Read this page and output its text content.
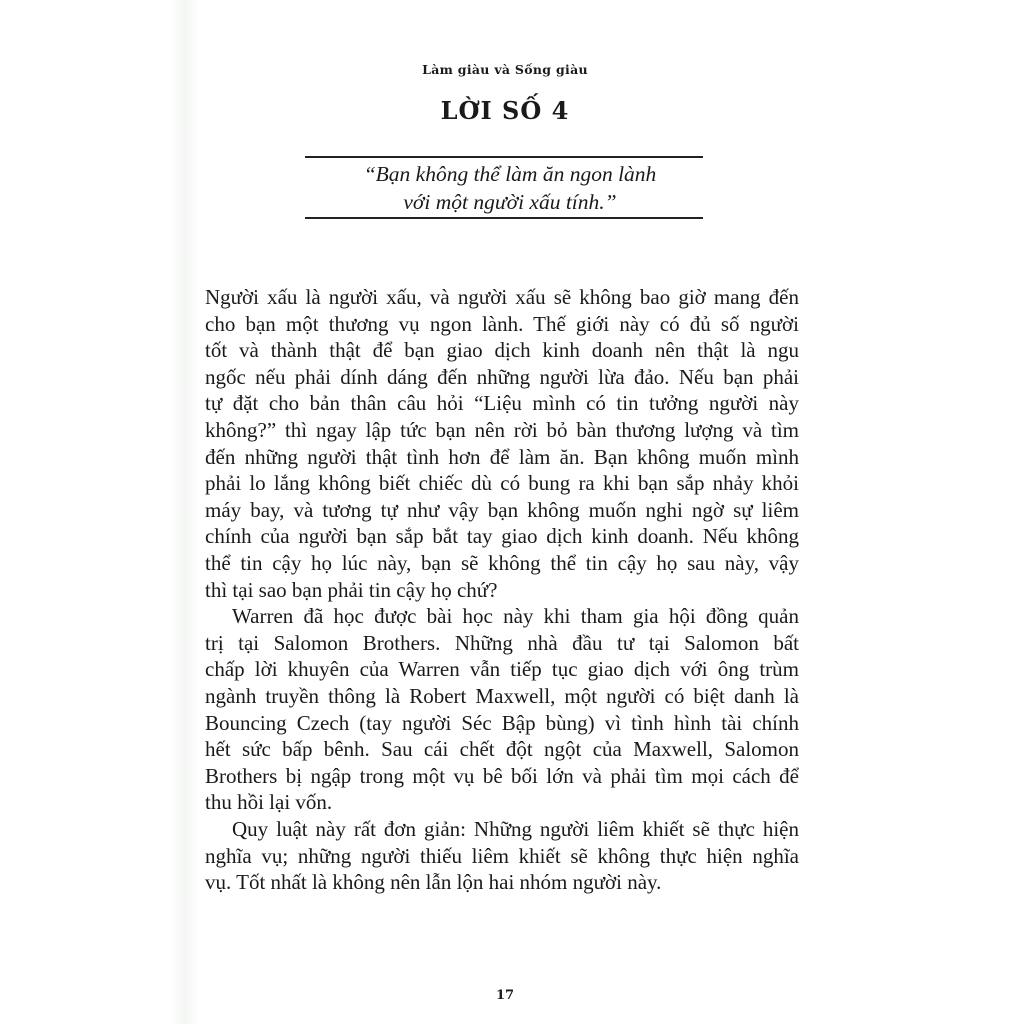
Làm giàu và Sống giàu
LỜI SỐ 4
“Bạn không thể làm ăn ngon lành
với một người xấu tính.”
Người xấu là người xấu, và người xấu sẽ không bao giờ mang đến
cho bạn một thương vụ ngon lành. Thế giới này có đủ số người
tốt và thành thật để bạn giao dịch kinh doanh nên thật là ngu
ngốc nếu phải dính dáng đến những người lừa đảo. Nếu bạn phải
tự đặt cho bản thân câu hỏi “Liệu mình có tin tưởng người này
không?” thì ngay lập tức bạn nên rời bỏ bàn thương lượng và tìm
đến những người thật tình hơn để làm ăn. Bạn không muốn mình
phải lo lắng không biết chiếc dù có bung ra khi bạn sắp nhảy khỏi
máy bay, và tương tự như vậy bạn không muốn nghi ngờ sự liêm
chính của người bạn sắp bắt tay giao dịch kinh doanh. Nếu không
thể tin cậy họ lúc này, bạn sẽ không thể tin cậy họ sau này, vậy
thì tại sao bạn phải tin cậy họ chứ?
Warren đã học được bài học này khi tham gia hội đồng quản
trị tại Salomon Brothers. Những nhà đầu tư tại Salomon bất
chấp lời khuyên của Warren vẫn tiếp tục giao dịch với ông trùm
ngành truyền thông là Robert Maxwell, một người có biệt danh là
Bouncing Czech (tay người Séc Bập bùng) vì tình hình tài chính
hết sức bấp bênh. Sau cái chết đột ngột của Maxwell, Salomon
Brothers bị ngập trong một vụ bê bối lớn và phải tìm mọi cách để
thu hồi lại vốn.
Quy luật này rất đơn giản: Những người liêm khiết sẽ thực hiện
nghĩa vụ; những người thiếu liêm khiết sẽ không thực hiện nghĩa
vụ. Tốt nhất là không nên lẫn lộn hai nhóm người này.
17
